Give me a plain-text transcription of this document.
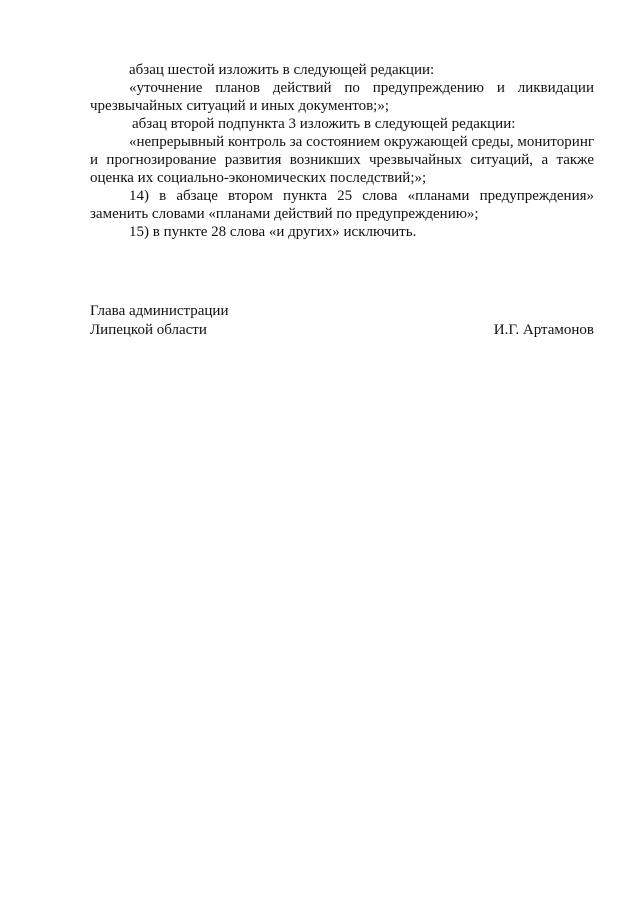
абзац шестой изложить в следующей редакции:

«уточнение планов действий по предупреждению и ликвидации чрезвычайных ситуаций и иных документов;»;

абзац второй подпункта 3 изложить в следующей редакции:

«непрерывный контроль за состоянием окружающей среды, мониторинг и прогнозирование развития возникших чрезвычайных ситуаций, а также оценка их социально-экономических последствий;»;

14) в абзаце втором пункта 25 слова «планами предупреждения» заменить словами «планами действий по предупреждению»;

15) в пункте 28 слова «и других» исключить.

Глава администрации
Липецкой области	И.Г. Артамонов
